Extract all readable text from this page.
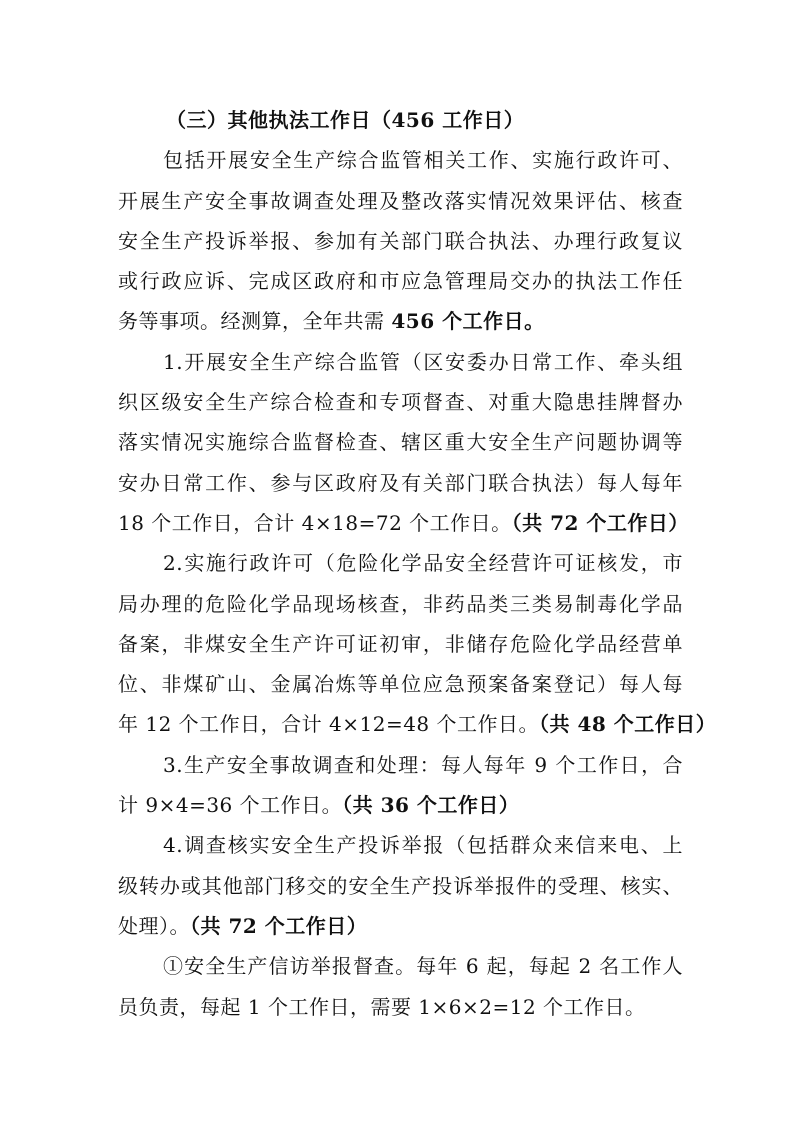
（三）其他执法工作日（456 工作日）
包括开展安全生产综合监管相关工作、实施行政许可、
开展生产安全事故调查处理及整改落实情况效果评估、核查
安全生产投诉举报、参加有关部门联合执法、办理行政复议
或行政应诉、完成区政府和市应急管理局交办的执法工作任
务等事项。经测算，全年共需 456 个工作日。
1.开展安全生产综合监管（区安委办日常工作、牵头组
织区级安全生产综合检查和专项督查、对重大隐患挂牌督办
落实情况实施综合监督检查、辖区重大安全生产问题协调等
安办日常工作、参与区政府及有关部门联合执法）每人每年
18 个工作日，合计 4×18=72 个工作日。（共 72 个工作日）
2.实施行政许可（危险化学品安全经营许可证核发，市
局办理的危险化学品现场核查，非药品类三类易制毒化学品
备案，非煤安全生产许可证初审，非储存危险化学品经营单
位、非煤矿山、金属冶炼等单位应急预案备案登记）每人每
年 12 个工作日，合计 4×12=48 个工作日。（共 48 个工作日）
3.生产安全事故调查和处理：每人每年 9 个工作日，合
计 9×4=36 个工作日。（共 36 个工作日）
4.调查核实安全生产投诉举报（包括群众来信来电、上
级转办或其他部门移交的安全生产投诉举报件的受理、核实、
处理）。（共 72 个工作日）
①安全生产信访举报督查。每年 6 起，每起 2 名工作人
员负责，每起 1 个工作日，需要 1×6×2=12 个工作日。
